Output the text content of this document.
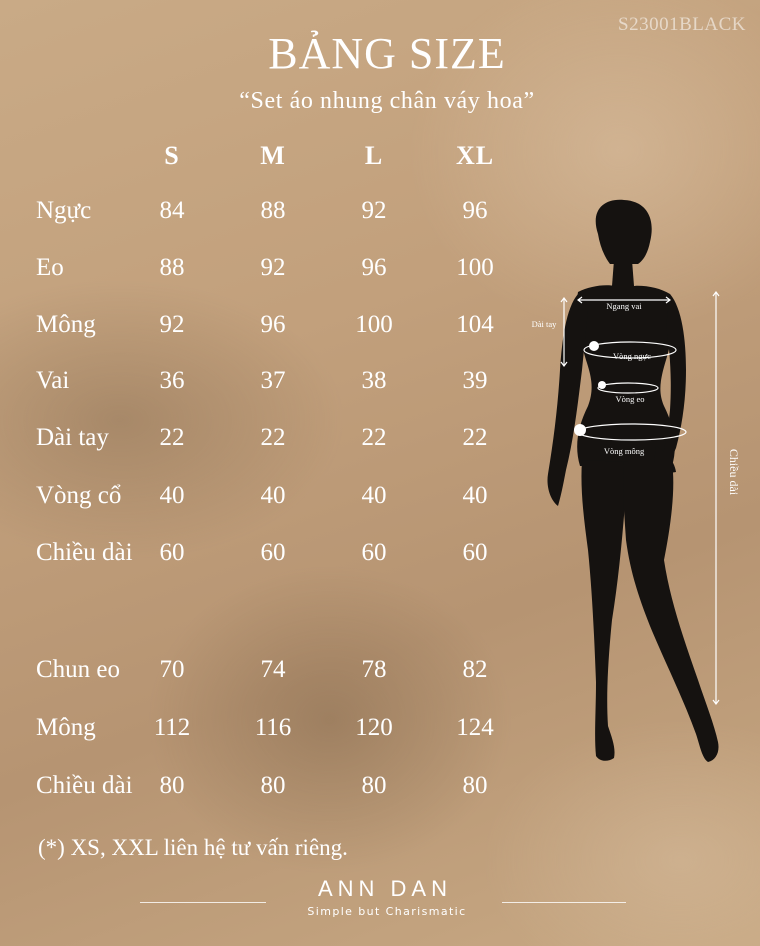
S23001BLACK
BẢNG SIZE
“Set áo nhung chân váy hoa”
S	M	L	XL
Ngực	84	88	92	96
Eo	88	92	96	100
Mông	92	96	100	104
Vai	36	37	38	39
Dài tay	22	22	22	22
Vòng cổ	40	40	40	40
Chiều dài	60	60	60	60
Chun eo	70	74	78	82
Mông	112	116	120	124
Chiều dài	80	80	80	80
Ngang vai
Dài tay
Vòng ngực
Vòng eo
Vòng mông	Chiều dài
(*) XS, XXL liên hệ tư vấn riêng.
ANN DAN
Simple but Charismatic
